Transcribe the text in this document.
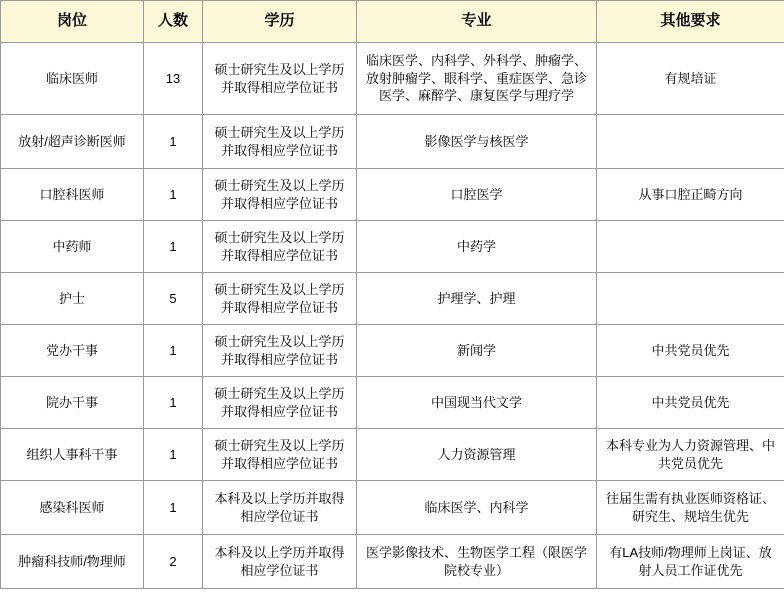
岗位	人数	学历	专业	其他要求
临床医师	13	硕士研究生及以上学历并取得相应学位证书	临床医学、内科学、外科学、肿瘤学、放射肿瘤学、眼科学、重症医学、急诊医学、麻醉学、康复医学与理疗学	有规培证
放射/超声诊断医师	1	硕士研究生及以上学历并取得相应学位证书	影像医学与核医学	
口腔科医师	1	硕士研究生及以上学历并取得相应学位证书	口腔医学	从事口腔正畸方向
中药师	1	硕士研究生及以上学历并取得相应学位证书	中药学	
护士	5	硕士研究生及以上学历并取得相应学位证书	护理学、护理	
党办干事	1	硕士研究生及以上学历并取得相应学位证书	新闻学	中共党员优先
院办干事	1	硕士研究生及以上学历并取得相应学位证书	中国现当代文学	中共党员优先
组织人事科干事	1	硕士研究生及以上学历并取得相应学位证书	人力资源管理	本科专业为人力资源管理、中共党员优先
感染科医师	1	本科及以上学历并取得相应学位证书	临床医学、内科学	往届生需有执业医师资格证、研究生、规培生优先
肿瘤科技师/物理师	2	本科及以上学历并取得相应学位证书	医学影像技术、生物医学工程（限医学院校专业）	有LA技师/物理师上岗证、放射人员工作证优先
